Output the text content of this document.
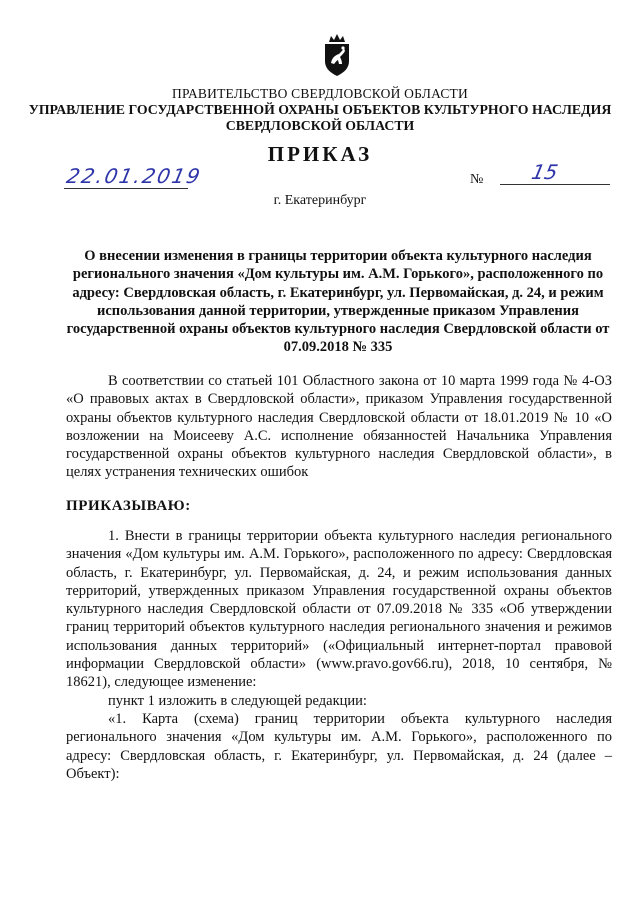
ПРАВИТЕЛЬСТВО СВЕРДЛОВСКОЙ ОБЛАСТИ
УПРАВЛЕНИЕ ГОСУДАРСТВЕННОЙ ОХРАНЫ ОБЪЕКТОВ КУЛЬТУРНОГО НАСЛЕДИЯ
СВЕРДЛОВСКОЙ ОБЛАСТИ
ПРИКАЗ
22.01.2019	№ 15
г. Екатеринбург
О внесении изменения в границы территории объекта культурного наследия регионального значения «Дом культуры им. А.М. Горького», расположенного по адресу: Свердловская область, г. Екатеринбург, ул. Первомайская, д. 24, и режим использования данной территории, утвержденные приказом Управления государственной охраны объектов культурного наследия Свердловской области от 07.09.2018 № 335
В соответствии со статьей 101 Областного закона от 10 марта 1999 года № 4-ОЗ «О правовых актах в Свердловской области», приказом Управления государственной охраны объектов культурного наследия Свердловской области от 18.01.2019 № 10 «О возложении на Моисееву А.С. исполнение обязанностей Начальника Управления государственной охраны объектов культурного наследия Свердловской области», в целях устранения технических ошибок
ПРИКАЗЫВАЮ:
1. Внести в границы территории объекта культурного наследия регионального значения «Дом культуры им. А.М. Горького», расположенного по адресу: Свердловская область, г. Екатеринбург, ул. Первомайская, д. 24, и режим использования данных территорий, утвержденных приказом Управления государственной охраны объектов культурного наследия Свердловской области от 07.09.2018 № 335 «Об утверждении границ территорий объектов культурного наследия регионального значения и режимов использования данных территорий» («Официальный интернет-портал правовой информации Свердловской области» (www.pravo.gov66.ru), 2018, 10 сентября, № 18621), следующее изменение:
пункт 1 изложить в следующей редакции:
«1. Карта (схема) границ территории объекта культурного наследия регионального значения «Дом культуры им. А.М. Горького», расположенного по адресу: Свердловская область, г. Екатеринбург, ул. Первомайская, д. 24 (далее – Объект):
